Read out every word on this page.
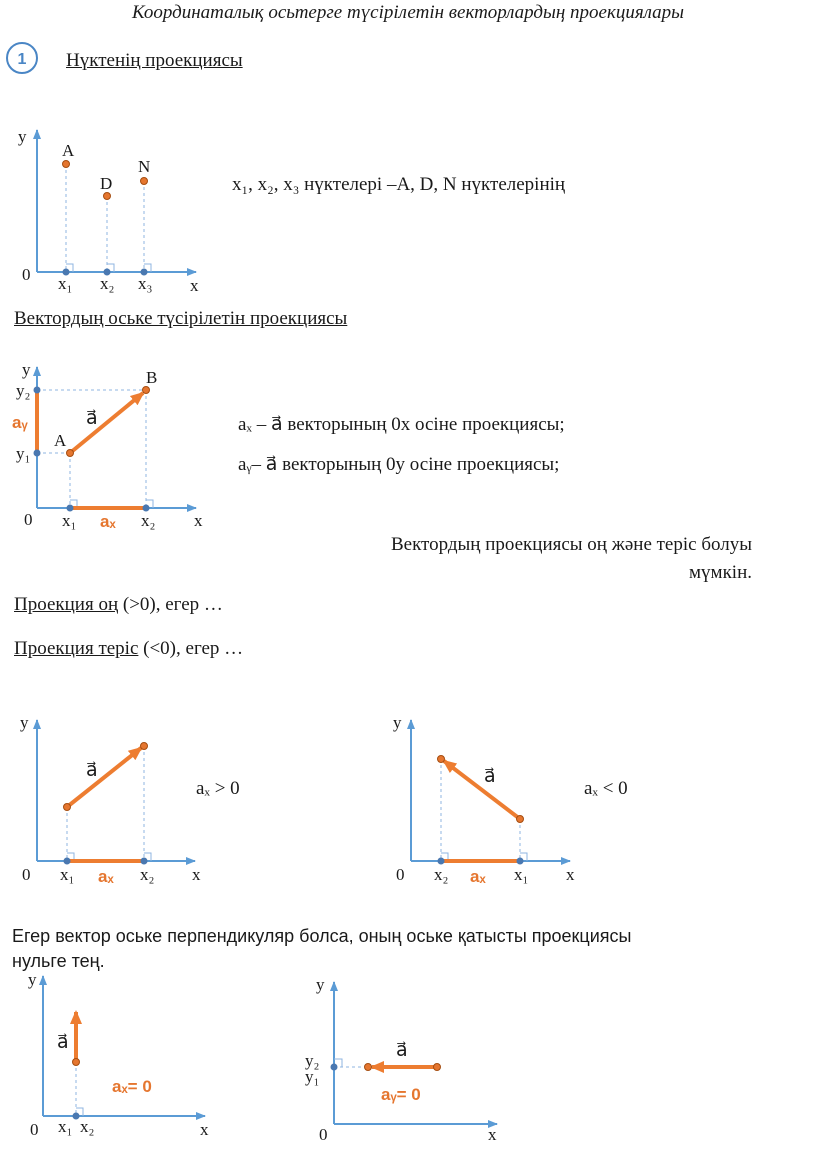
Координаталық осьтерге түсірілетін векторлардың проекциялары
1
y
x
0
A
D
N
x₁ x₂ x₃
y
x
0
y₂
y₁
A
B
a⃗
aᵧ
aₓ
x₁	x₂
y
x
0
a⃗
aₓ
x₁	x₂
y
x
0
a⃗
aₓ
x₂	x₁
y
x
0
a⃗
aₓ= 0
x₁ x₂
y
x
0
y₂
y₁
a⃗
aᵧ= 0
aₓ > 0	aₓ < 0
Нүктенің проекциясы
x₁, x₂, x₃ нүктелері –A, D, N нүктелерінің
Вектордың оське түсірілетін проекциясы
aₓ – a⃗ векторының 0x осіне проекциясы;
aᵧ– a⃗ векторының 0y осіне проекциясы;
Вектордың проекциясы оң және теріс болуы
мүмкін.
Проекция оң (>0), егер …
Проекция теріс (<0), егер …
Егер вектор оське перпендикуляр болса, оның оське қатысты проекциясы
нульге тең.
